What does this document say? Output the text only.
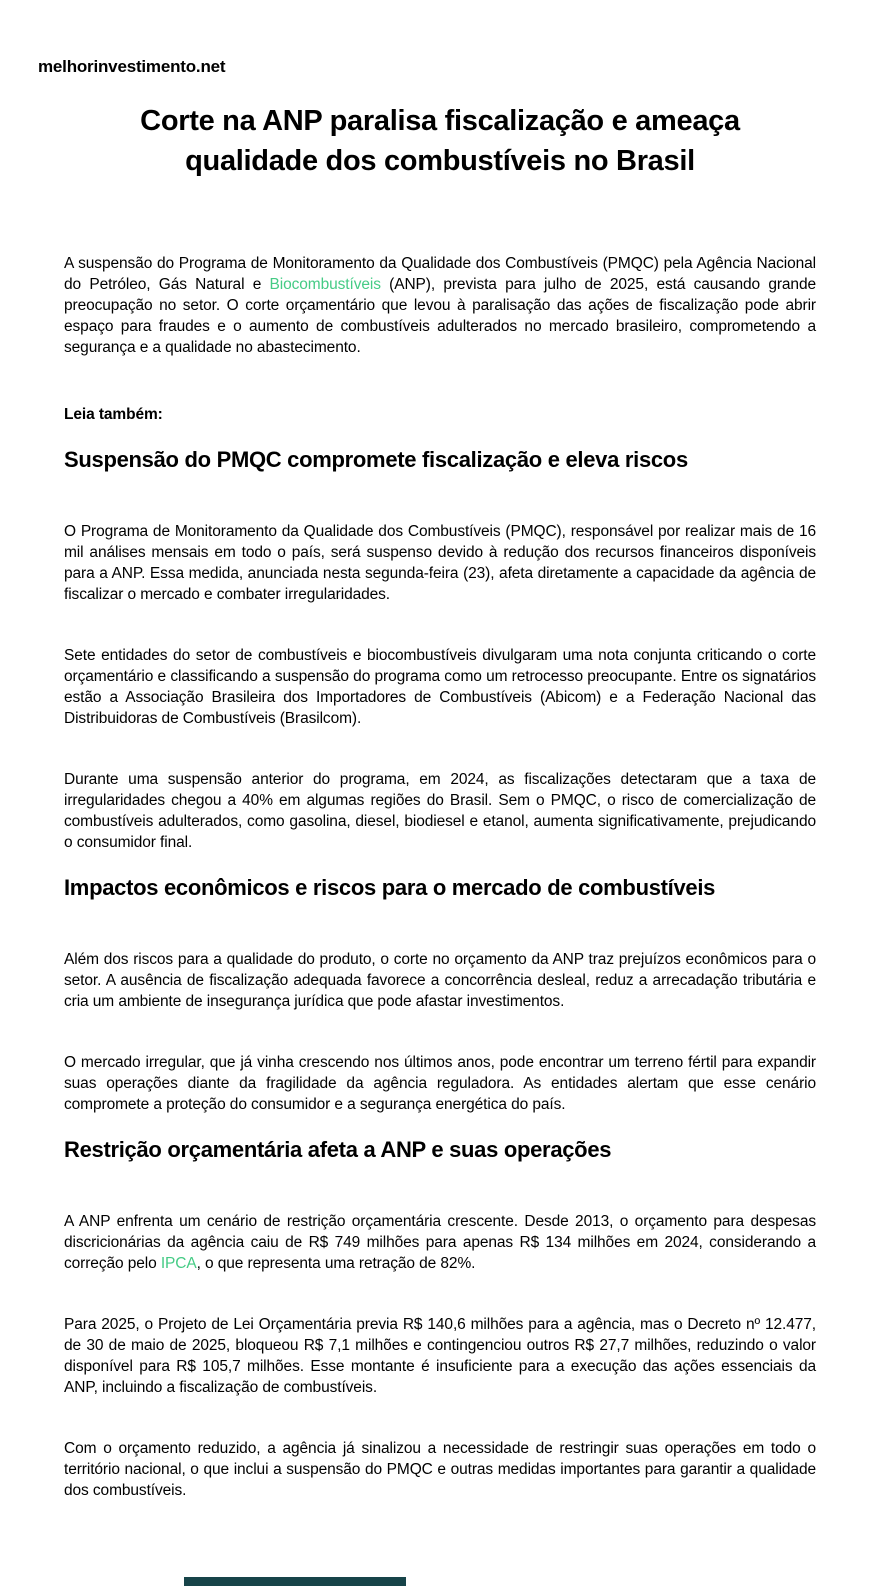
melhorinvestimento.net
Corte na ANP paralisa fiscalização e ameaça qualidade dos combustíveis no Brasil

A suspensão do Programa de Monitoramento da Qualidade dos Combustíveis (PMQC) pela Agência Nacional do Petróleo, Gás Natural e Biocombustíveis (ANP), prevista para julho de 2025, está causando grande preocupação no setor. O corte orçamentário que levou à paralisação das ações de fiscalização pode abrir espaço para fraudes e o aumento de combustíveis adulterados no mercado brasileiro, comprometendo a segurança e a qualidade no abastecimento.

Leia também:

Suspensão do PMQC compromete fiscalização e eleva riscos

O Programa de Monitoramento da Qualidade dos Combustíveis (PMQC), responsável por realizar mais de 16 mil análises mensais em todo o país, será suspenso devido à redução dos recursos financeiros disponíveis para a ANP. Essa medida, anunciada nesta segunda-feira (23), afeta diretamente a capacidade da agência de fiscalizar o mercado e combater irregularidades.

Sete entidades do setor de combustíveis e biocombustíveis divulgaram uma nota conjunta criticando o corte orçamentário e classificando a suspensão do programa como um retrocesso preocupante. Entre os signatários estão a Associação Brasileira dos Importadores de Combustíveis (Abicom) e a Federação Nacional das Distribuidoras de Combustíveis (Brasilcom).

Durante uma suspensão anterior do programa, em 2024, as fiscalizações detectaram que a taxa de irregularidades chegou a 40% em algumas regiões do Brasil. Sem o PMQC, o risco de comercialização de combustíveis adulterados, como gasolina, diesel, biodiesel e etanol, aumenta significativamente, prejudicando o consumidor final.

Impactos econômicos e riscos para o mercado de combustíveis

Além dos riscos para a qualidade do produto, o corte no orçamento da ANP traz prejuízos econômicos para o setor. A ausência de fiscalização adequada favorece a concorrência desleal, reduz a arrecadação tributária e cria um ambiente de insegurança jurídica que pode afastar investimentos.

O mercado irregular, que já vinha crescendo nos últimos anos, pode encontrar um terreno fértil para expandir suas operações diante da fragilidade da agência reguladora. As entidades alertam que esse cenário compromete a proteção do consumidor e a segurança energética do país.

Restrição orçamentária afeta a ANP e suas operações

A ANP enfrenta um cenário de restrição orçamentária crescente. Desde 2013, o orçamento para despesas discricionárias da agência caiu de R$ 749 milhões para apenas R$ 134 milhões em 2024, considerando a correção pelo IPCA, o que representa uma retração de 82%.

Para 2025, o Projeto de Lei Orçamentária previa R$ 140,6 milhões para a agência, mas o Decreto nº 12.477, de 30 de maio de 2025, bloqueou R$ 7,1 milhões e contingenciou outros R$ 27,7 milhões, reduzindo o valor disponível para R$ 105,7 milhões. Esse montante é insuficiente para a execução das ações essenciais da ANP, incluindo a fiscalização de combustíveis.

Com o orçamento reduzido, a agência já sinalizou a necessidade de restringir suas operações em todo o território nacional, o que inclui a suspensão do PMQC e outras medidas importantes para garantir a qualidade dos combustíveis.
